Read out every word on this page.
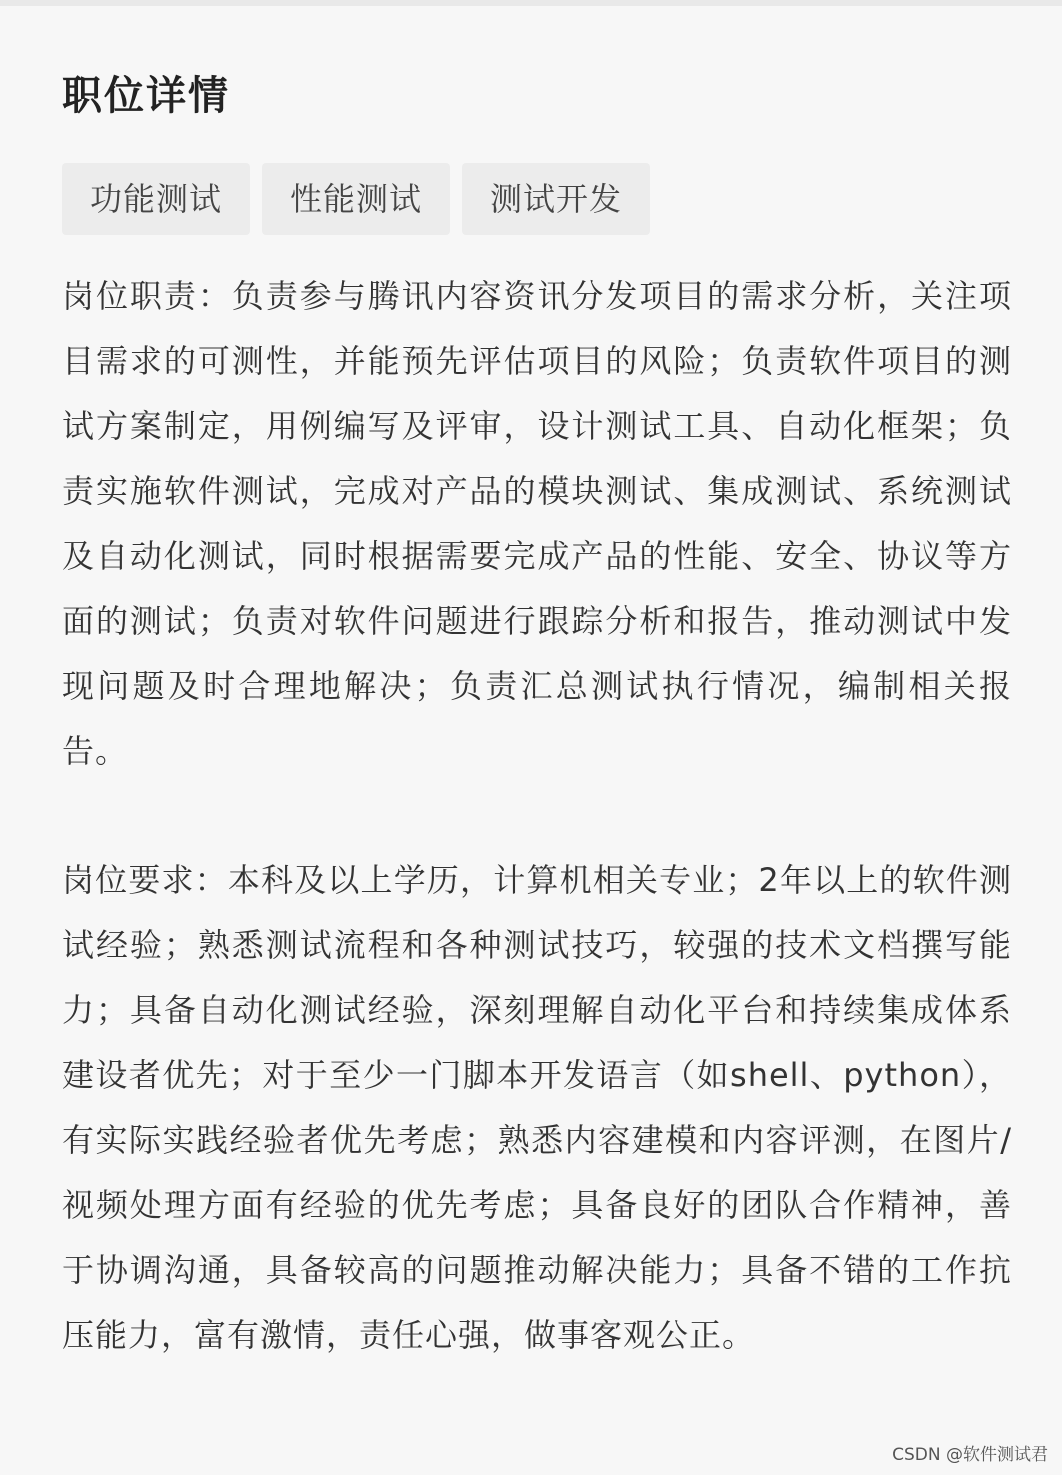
职位详情
功能测试	性能测试	测试开发

岗位职责：负责参与腾讯内容资讯分发项目的需求分析，关注项目需求的可测性，并能预先评估项目的风险；负责软件项目的测试方案制定，用例编写及评审，设计测试工具、自动化框架；负责实施软件测试，完成对产品的模块测试、集成测试、系统测试及自动化测试，同时根据需要完成产品的性能、安全、协议等方面的测试；负责对软件问题进行跟踪分析和报告，推动测试中发现问题及时合理地解决；负责汇总测试执行情况，编制相关报告。

岗位要求：本科及以上学历，计算机相关专业；2年以上的软件测试经验；熟悉测试流程和各种测试技巧，较强的技术文档撰写能力；具备自动化测试经验，深刻理解自动化平台和持续集成体系建设者优先；对于至少一门脚本开发语言（如shell、python），有实际实践经验者优先考虑；熟悉内容建模和内容评测，在图片/视频处理方面有经验的优先考虑；具备良好的团队合作精神，善于协调沟通，具备较高的问题推动解决能力；具备不错的工作抗压能力，富有激情，责任心强，做事客观公正。

CSDN @软件测试君
